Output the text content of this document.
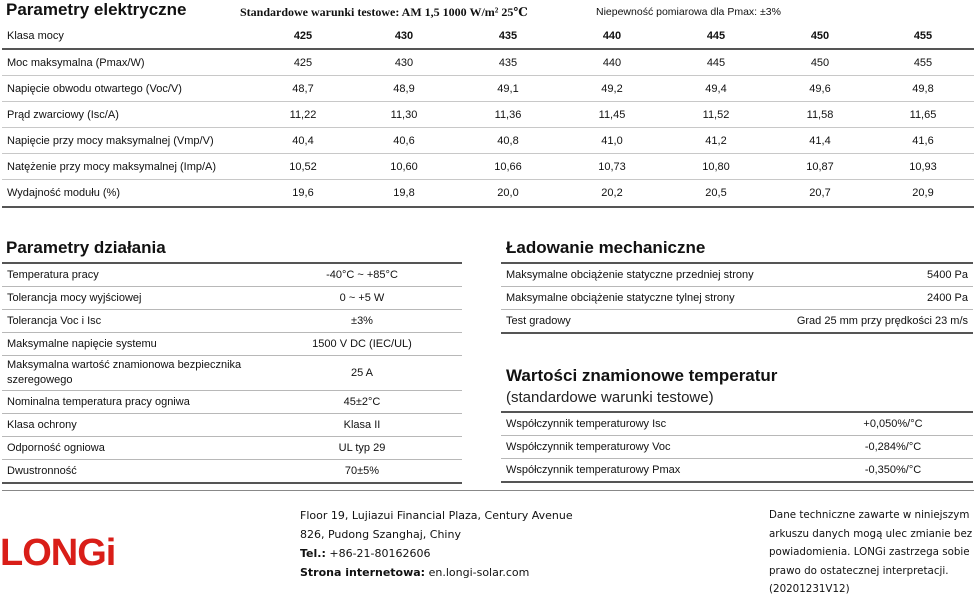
Parametry elektryczne	Standardowe warunki testowe: AM 1,5 1000 W/m² 25℃	Niepewność pomiarowa dla Pmax: ±3%
Klasa mocy	425	430	435	440	445	450	455
Moc maksymalna (Pmax/W)	425	430	435	440	445	450	455
Napięcie obwodu otwartego (Voc/V)	48,7	48,9	49,1	49,2	49,4	49,6	49,8
Prąd zwarciowy (Isc/A)	11,22	11,30	11,36	11,45	11,52	11,58	11,65
Napięcie przy mocy maksymalnej (Vmp/V)	40,4	40,6	40,8	41,0	41,2	41,4	41,6
Natężenie przy mocy maksymalnej (Imp/A)	10,52	10,60	10,66	10,73	10,80	10,87	10,93
Wydajność modułu (%)	19,6	19,8	20,0	20,2	20,5	20,7	20,9
Parametry działania
Temperatura pracy	-40°C ~ +85°C
Tolerancja mocy wyjściowej	0 ~ +5 W
Tolerancja Voc i Isc	±3%
Maksymalne napięcie systemu	1500 V DC (IEC/UL)
Maksymalna wartość znamionowa bezpiecznika szeregowego	25 A
Nominalna temperatura pracy ogniwa	45±2°C
Klasa ochrony	Klasa II
Odporność ogniowa	UL typ 29
Dwustronność	70±5%
Ładowanie mechaniczne
Maksymalne obciążenie statyczne przedniej strony	5400 Pa
Maksymalne obciążenie statyczne tylnej strony	2400 Pa
Test gradowy	Grad 25 mm przy prędkości 23 m/s
Wartości znamionowe temperatur
(standardowe warunki testowe)
Współczynnik temperaturowy Isc	+0,050%/°C
Współczynnik temperaturowy Voc	-0,284%/°C
Współczynnik temperaturowy Pmax	-0,350%/°C
LONGi
Floor 19, Lujiazui Financial Plaza, Century Avenue
826, Pudong Szanghaj, Chiny
Tel.: +86-21-80162606
Strona internetowa: en.longi-solar.com
Dane techniczne zawarte w niniejszym arkuszu danych mogą ulec zmianie bez powiadomienia. LONGi zastrzega sobie prawo do ostatecznej interpretacji. (20201231V12)
